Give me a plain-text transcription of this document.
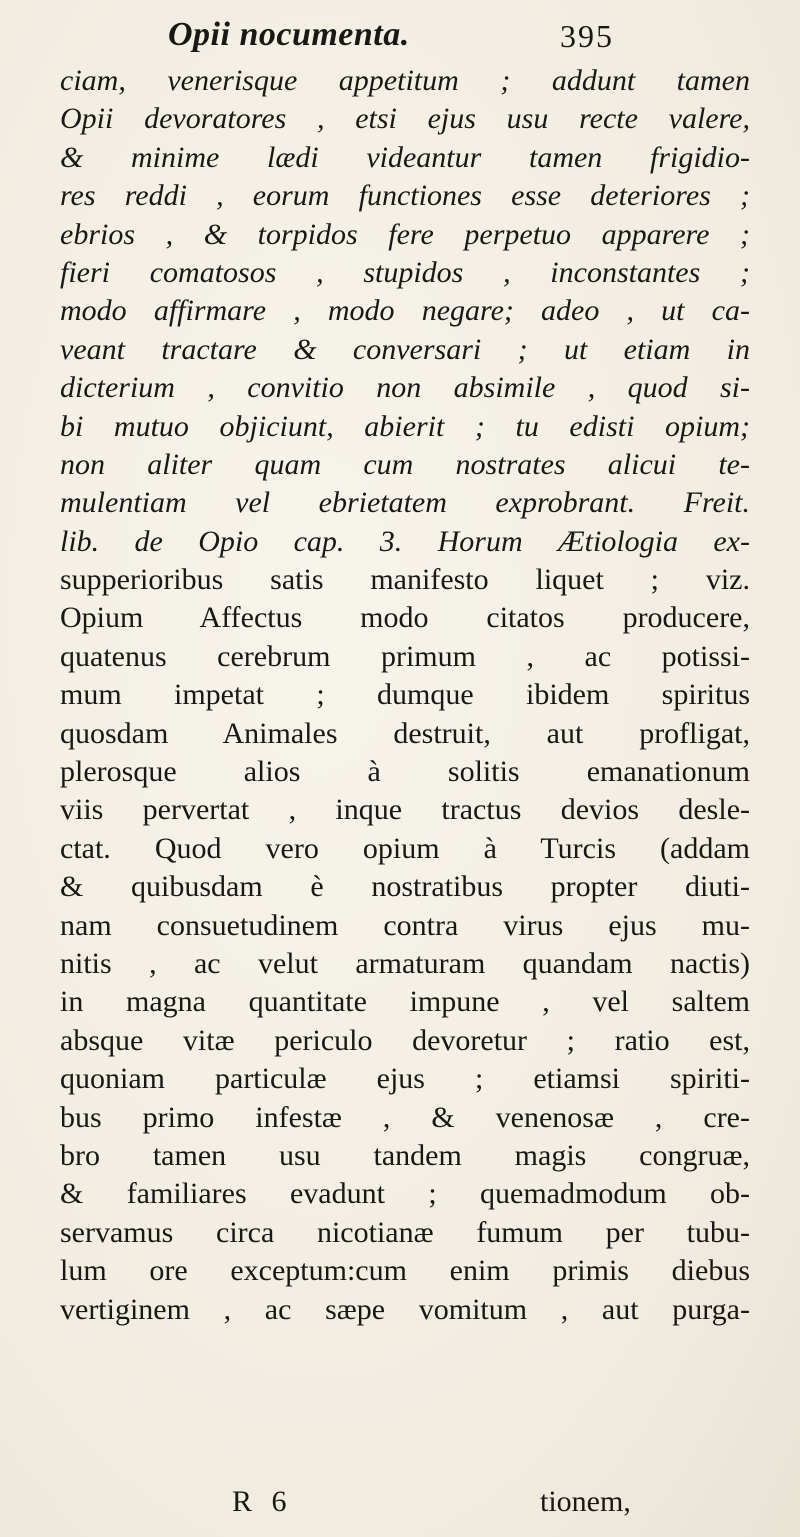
Opii nocumenta.	395
ciam, venerisque appetitum ; addunt tamen
Opii devoratores , etsi ejus usu recte valere,
& minime lædi videantur tamen frigidio-
res reddi , eorum functiones esse deteriores ;
ebrios , & torpidos fere perpetuo apparere ;
fieri comatosos , stupidos , inconstantes ;
modo affirmare , modo negare; adeo , ut ca-
veant tractare & conversari ; ut etiam in
dicterium , convitio non absimile , quod si-
bi mutuo objiciunt, abierit ; tu edisti opium;
non aliter quam cum nostrates alicui te-
mulentiam vel ebrietatem exprobrant. Freit.
lib. de Opio cap. 3. Horum Ætiologia ex-
supperioribus satis manifesto liquet ; viz.
Opium Affectus modo citatos producere,
quatenus cerebrum primum , ac potissi-
mum impetat ; dumque ibidem spiritus
quosdam Animales destruit, aut profligat,
plerosque alios à solitis emanationum
viis pervertat , inque tractus devios desle-
ctat. Quod vero opium à Turcis (addam
& quibusdam è nostratibus propter diuti-
nam consuetudinem contra virus ejus mu-
nitis , ac velut armaturam quandam nactis)
in magna quantitate impune , vel saltem
absque vitæ periculo devoretur ; ratio est,
quoniam particulæ ejus ; etiamsi spiriti-
bus primo infestæ , & venenosæ , cre-
bro tamen usu tandem magis congruæ,
& familiares evadunt ; quemadmodum ob-
servamus circa nicotianæ fumum per tubu-
lum ore exceptum:cum enim primis diebus
vertiginem , ac sæpe vomitum , aut purga-
R 6	tionem,
